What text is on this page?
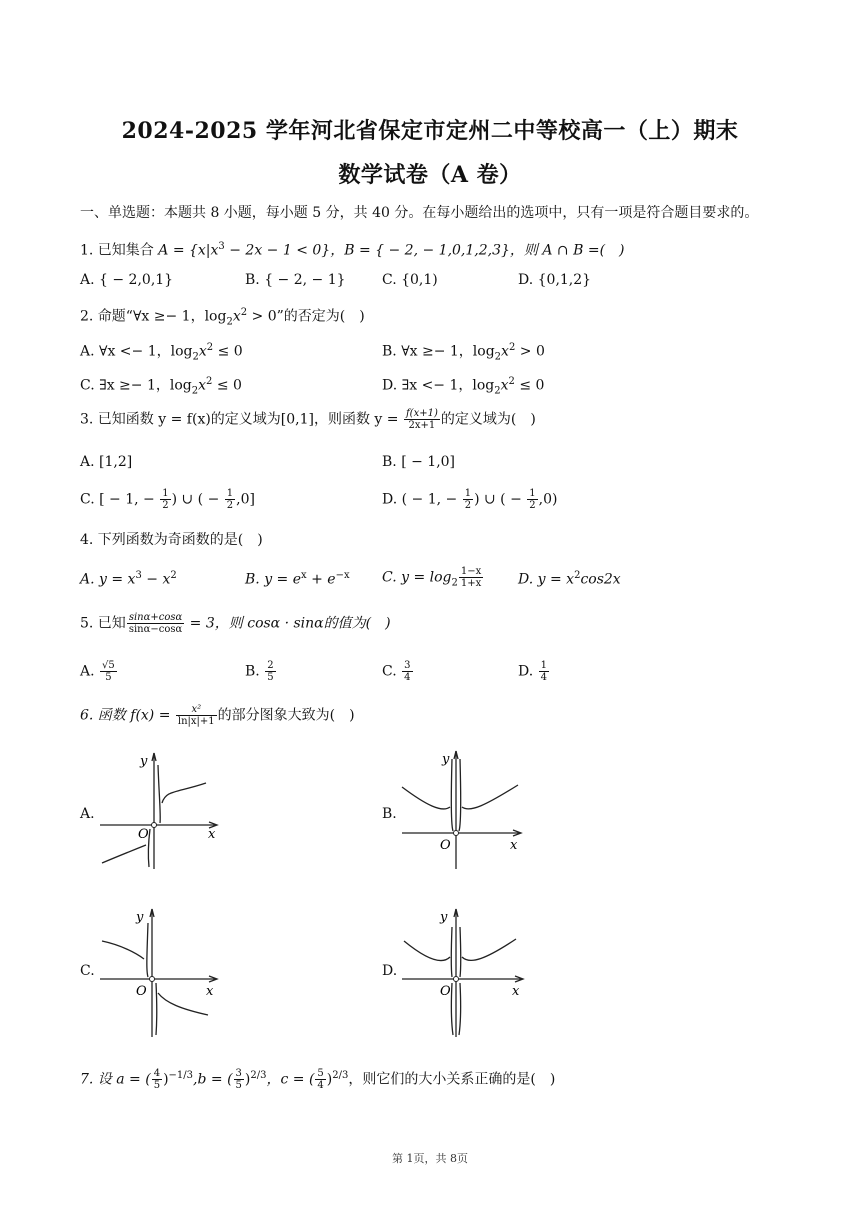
2024-2025 学年河北省保定市定州二中等校高一（上）期末
数学试卷（A 卷）
一、单选题：本题共 8 小题，每小题 5 分，共 40 分。在每小题给出的选项中，只有一项是符合题目要求的。
1. 已知集合 $A = \{x|x^3 - 2x - 1 < 0\}$，B = { − 2, − 1,0,1,2,3}，则 A ∩ B =(　)
A. { − 2,0,1}	B. { − 2, − 1}	C. {0,1)	D. {0,1,2}
2. 命题“∀x ≥− 1，$\log_2x^2 > 0$”的否定为(　)
A. ∀x <− 1，$\log_2x^2 \le 0$	B. ∀x ≥− 1，$\log_2x^2 > 0$
C. ∃x ≥− 1，$\log_2x^2 \le 0$	D. ∃x <− 1，$\log_2x^2 \le 0$
3. 已知函数 y = f(x)的定义域为[0,1]，则函数 $y = \frac{f(x+1)}{2x+1}$ 的定义域为(　)
A. [1,2]	B. [ − 1,0]
C. [ − 1, − $\frac{1}{2}$ ) ∪ ( − $\frac{1}{2} ,0$]	D. ( − 1, − $\frac{1}{2}$ ) ∪ ( − $\frac{1}{2} ,0$)
4. 下列函数为奇函数的是(　)
A. $y = x^3 - x^2$	B. $y = e^x + e^{-x}$ C. $y = \log_2 \frac{1-x}{1+x} D$. $y = x^2\cos 2x$
5. 已知 $\frac{\sin\alpha+\cos\alpha}{\sin\alpha-\cos\alpha} = 3$，则 cosα · sinα的值为(　)
A. $\frac{√5}{5}$	B. $\frac{2}{5}$	C. $\frac{3}{4}$	D. $\frac{1}{4}$
6. 函数 $f(x) = \frac{\text{x²}}{\ln|x|+1}$ 的部分图象大致为(　)
A.	B.
C.	D.
O
y
x
O
y
x
O
y
x	O
y
x
7. 设 a = ( $\frac{4}{5} )^{-1/3},b$ = ( $\frac{3}{5} )^{2/3}$，c = ( $\frac{5}{4} )^{2/3}$，则它们的大小关系正确的是(　)
第 1页，共 8页
